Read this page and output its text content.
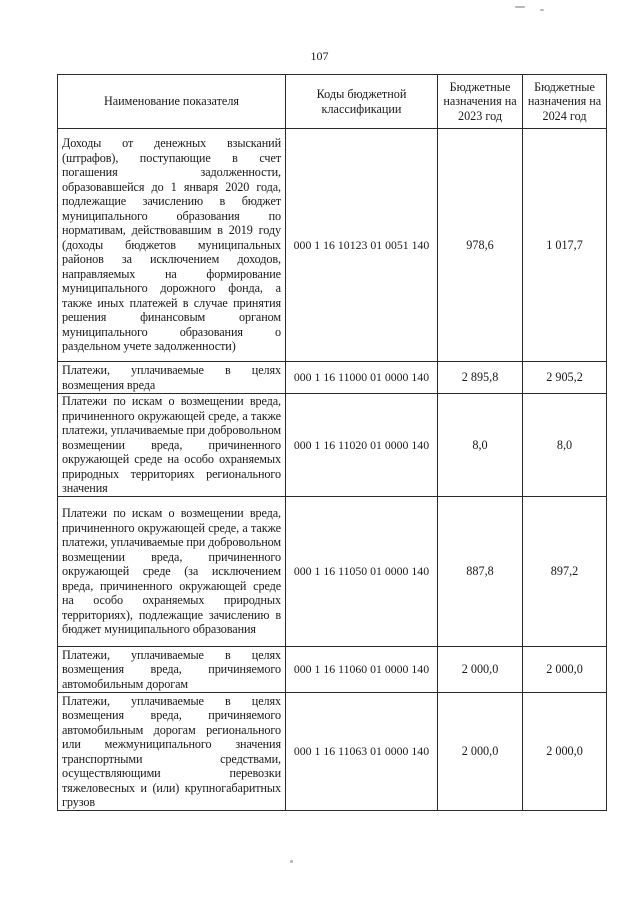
107
Наименование показателя	Коды бюджетной классификации	Бюджетные назначения на 2023 год	Бюджетные назначения на 2024 год
Доходы от денежных взысканий (штрафов), поступающие в счет погашения задолженности, образовавшейся до 1 января 2020 года, подлежащие зачислению в бюджет муниципального образования по нормативам, действовавшим в 2019 году (доходы бюджетов муниципальных районов за исключением доходов, направляемых на формирование муниципального дорожного фонда, а также иных платежей в случае принятия решения финансовым органом муниципального образования о раздельном учете задолженности)	000 1 16 10123 01 0051 140	978,6	1 017,7
Платежи, уплачиваемые в целях возмещения вреда	000 1 16 11000 01 0000 140	2 895,8	2 905,2
Платежи по искам о возмещении вреда, причиненного окружающей среде, а также платежи, уплачиваемые при добровольном возмещении вреда, причиненного окружающей среде на особо охраняемых природных территориях регионального значения	000 1 16 11020 01 0000 140	8,0	8,0
Платежи по искам о возмещении вреда, причиненного окружающей среде, а также платежи, уплачиваемые при добровольном возмещении вреда, причиненного окружающей среде (за исключением вреда, причиненного окружающей среде на особо охраняемых природных территориях), подлежащие зачислению в бюджет муниципального образования	000 1 16 11050 01 0000 140	887,8	897,2
Платежи, уплачиваемые в целях возмещения вреда, причиняемого автомобильным дорогам	000 1 16 11060 01 0000 140	2 000,0	2 000,0
Платежи, уплачиваемые в целях возмещения вреда, причиняемого автомобильным дорогам регионального или межмуниципального значения транспортными средствами, осуществляющими перевозки тяжеловесных и (или) крупногабаритных грузов	000 1 16 11063 01 0000 140	2 000,0	2 000,0
